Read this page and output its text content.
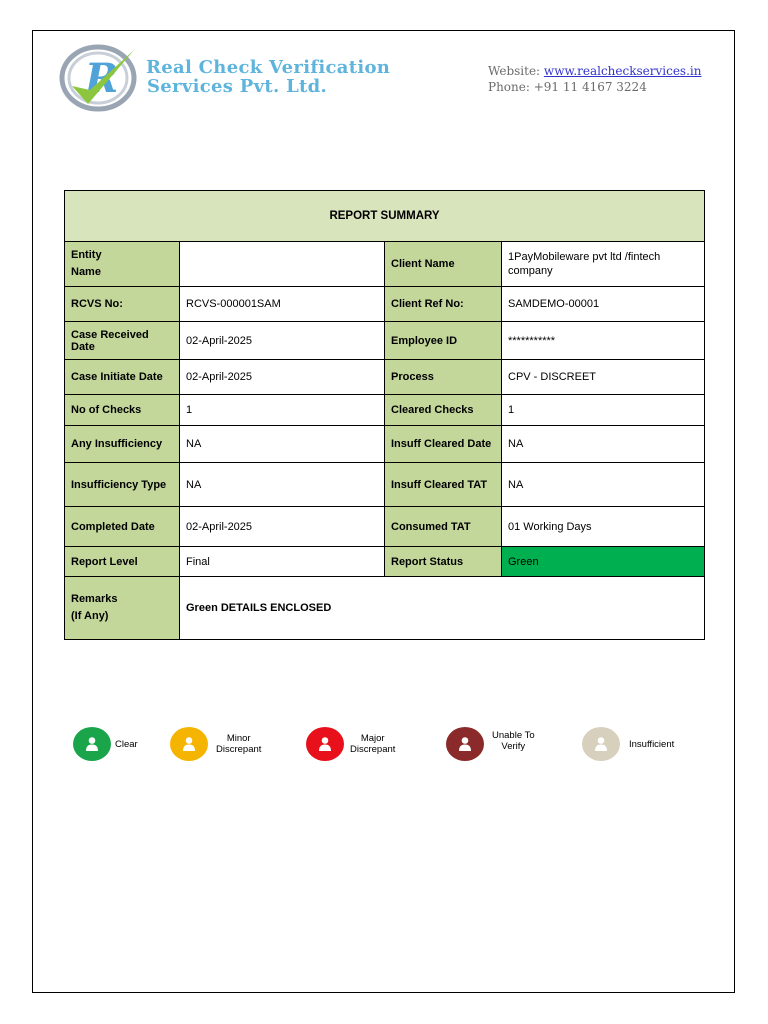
R Real Check Verification
Services Pvt. Ltd.
Website: www.realcheckservices.in
Phone: +91 11 4167 3224
REPORT SUMMARY			
Entity
Name		Client Name	1PayMobileware pvt ltd /fintech company
RCVS No:	RCVS-000001SAM	Client Ref No:	SAMDEMO-00001
Case Received Date	02-April-2025	Employee ID	***********
Case Initiate Date	02-April-2025	Process	CPV - DISCREET
No of Checks	1	Cleared Checks	1
Any Insufficiency	NA	Insuff Cleared Date	NA
Insufficiency Type	NA	Insuff Cleared TAT	NA
Completed Date	02-April-2025	Consumed TAT	01 Working Days
Report Level	Final	Report Status	Green

Remarks
(If Any)	Green DETAILS ENCLOSED		
Clear	Minor
Discrepant
Major
Discrepant
Unable To
Verify	Insufficient
